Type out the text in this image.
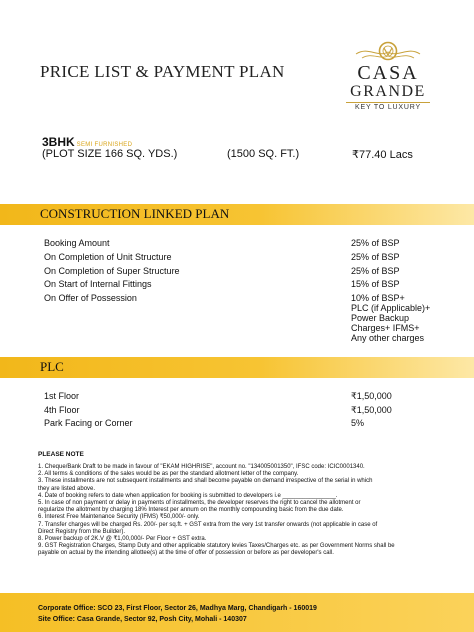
PRICE LIST & PAYMENT PLAN	CASA
GRANDE
KEY TO LUXURY
3BHK SEMI FURNISHED
(PLOT SIZE 166 SQ. YDS.)	(1500 SQ. FT.)	₹77.40 Lacs
CONSTRUCTION LINKED PLAN
Booking Amount	25% of BSP
On Completion of Unit Structure	25% of BSP
On Completion of Super Structure	25% of BSP
On Start of Internal Fittings	15% of BSP
On Offer of Possession	10% of BSP+
PLC (if Applicable)+
Power Backup
Charges+ IFMS+
Any other charges
PLC
1st Floor	₹1,50,000
4th Floor	₹1,50,000
Park Facing or Corner	5%
PLEASE NOTE
1. Cheque/Bank Draft to be made in favour of "EKAM HIGHRISE", account no. "134005001350", IFSC code: ICIC0001340.
2. All terms & conditions of the sales would be as per the standard allotment letter of the company.
3. These installments are not subsequent installments and shall become payable on demand irrespective of the serial in which
they are listed above.
4. Date of booking refers to date when application for booking is submitted to developers i.e ________________.
5. In case of non payment or delay in payments of installments, the developer reserves the right to cancel the allotment or
regularize the allotment by charging 18% Interest per annum on the monthly compounding basic from the due date.
6. Interest Free Maintenance Security (IFMS) ₹50,000/- only.
7. Transfer charges will be charged Rs. 200/- per sq.ft. + GST extra from the very 1st transfer onwards (not applicable in case of
Direct Registry from the Builder).
8. Power backup of 2K.V @ ₹1,00,000/- Per Floor + GST extra.
9. GST Registration Charges, Stamp Duty and other applicable statutory levies Taxes/Charges etc. as per Government Norms shall be
payable on actual by the intending allottee(s) at the time of offer of possession or before as per developer's call.
Corporate Office: SCO 23, First Floor, Sector 26, Madhya Marg, Chandigarh - 160019
Site Office: Casa Grande, Sector 92, Posh City, Mohali - 140307
